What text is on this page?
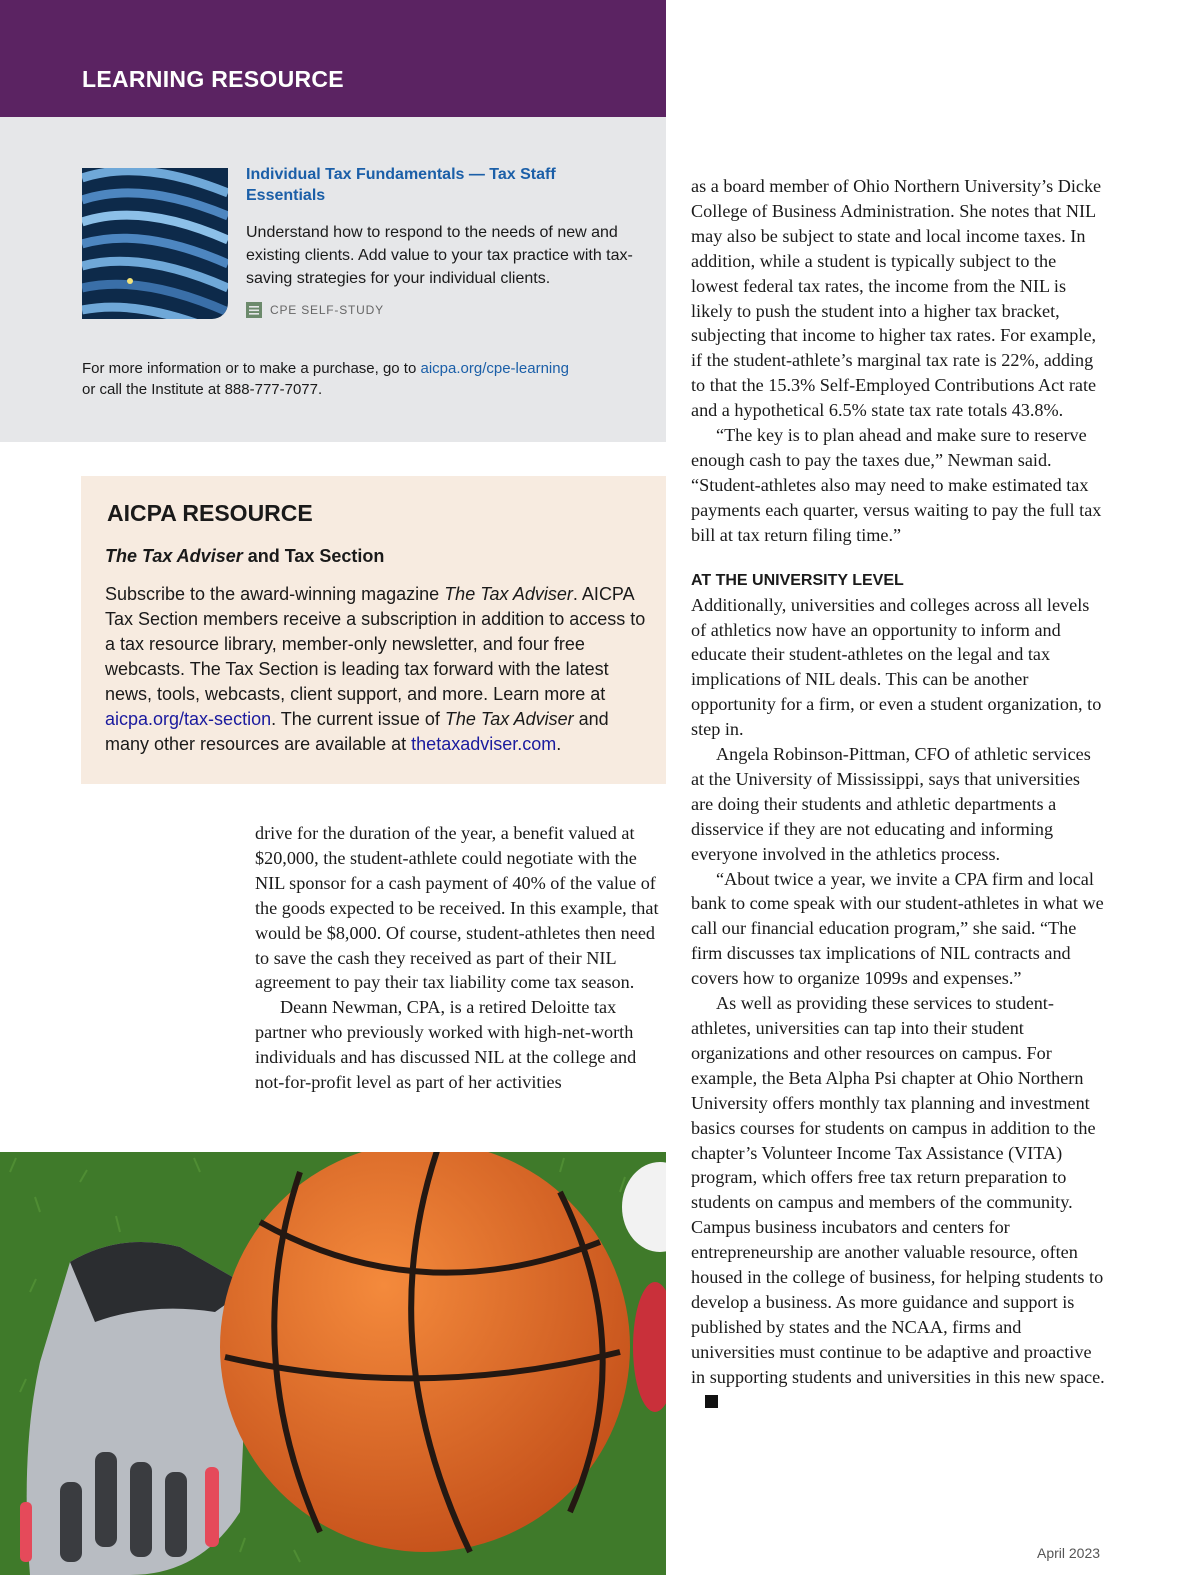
LEARNING RESOURCE
Individual Tax Fundamentals — Tax Staff Essentials
Understand how to respond to the needs of new and existing clients. Add value to your tax practice with tax-saving strategies for your individual clients.
CPE SELF-STUDY
For more information or to make a purchase, go to aicpa.org/cpe-learning
or call the Institute at 888-777-7077.
AICPA RESOURCE
The Tax Adviser and Tax Section
Subscribe to the award-winning magazine The Tax Adviser. AICPA Tax Section members receive a subscription in addition to access to a tax resource library, member-only newsletter, and four free webcasts. The Tax Section is leading tax forward with the latest news, tools, webcasts, client support, and more. Learn more at aicpa.org/tax-section. The current issue of The Tax Adviser and many other resources are available at thetaxadviser.com.

drive for the duration of the year, a benefit valued at $20,000, the student-athlete could negotiate with the NIL sponsor for a cash payment of 40% of the value of the goods expected to be received. In this example, that would be $8,000. Of course, student-athletes then need to save the cash they received as part of their NIL agreement to pay their tax liability come tax season.

Deann Newman, CPA, is a retired Deloitte tax partner who previously worked with high-net-worth individuals and has discussed NIL at the college and not-for-profit level as part of her activities

as a board member of Ohio Northern University’s Dicke College of Business Administration. She notes that NIL may also be subject to state and local income taxes. In addition, while a student is typically subject to the lowest federal tax rates, the income from the NIL is likely to push the student into a higher tax bracket, subjecting that income to higher tax rates. For example, if the student-athlete’s marginal tax rate is 22%, adding to that the 15.3% Self-Employed Contributions Act rate and a hypothetical 6.5% state tax rate totals 43.8%.

“The key is to plan ahead and make sure to reserve enough cash to pay the taxes due,” Newman said. “Student-athletes also may need to make estimated tax payments each quarter, versus waiting to pay the full tax bill at tax return filing time.”

AT THE UNIVERSITY LEVEL

Additionally, universities and colleges across all levels of athletics now have an opportunity to inform and educate their student-athletes on the legal and tax implications of NIL deals. This can be another opportunity for a firm, or even a student organization, to step in.

Angela Robinson-Pittman, CFO of athletic services at the University of Mississippi, says that universities are doing their students and athletic departments a disservice if they are not educating and informing everyone involved in the athletics process.

“About twice a year, we invite a CPA firm and local bank to come speak with our student-athletes in what we call our financial education program,” she said. “The firm discusses tax implications of NIL contracts and covers how to organize 1099s and expenses.”

As well as providing these services to student-athletes, universities can tap into their student organizations and other resources on campus. For example, the Beta Alpha Psi chapter at Ohio Northern University offers monthly tax planning and investment basics courses for students on campus in addition to the chapter’s Volunteer Income Tax Assistance (VITA) program, which offers free tax return preparation to students on campus and members of the community. Campus business incubators and centers for entrepreneurship are another valuable resource, often housed in the college of business, for helping students to develop a business. As more guidance and support is published by states and the NCAA, firms and universities must continue to be adaptive and proactive in supporting students and universities in this new space.

April 2023
